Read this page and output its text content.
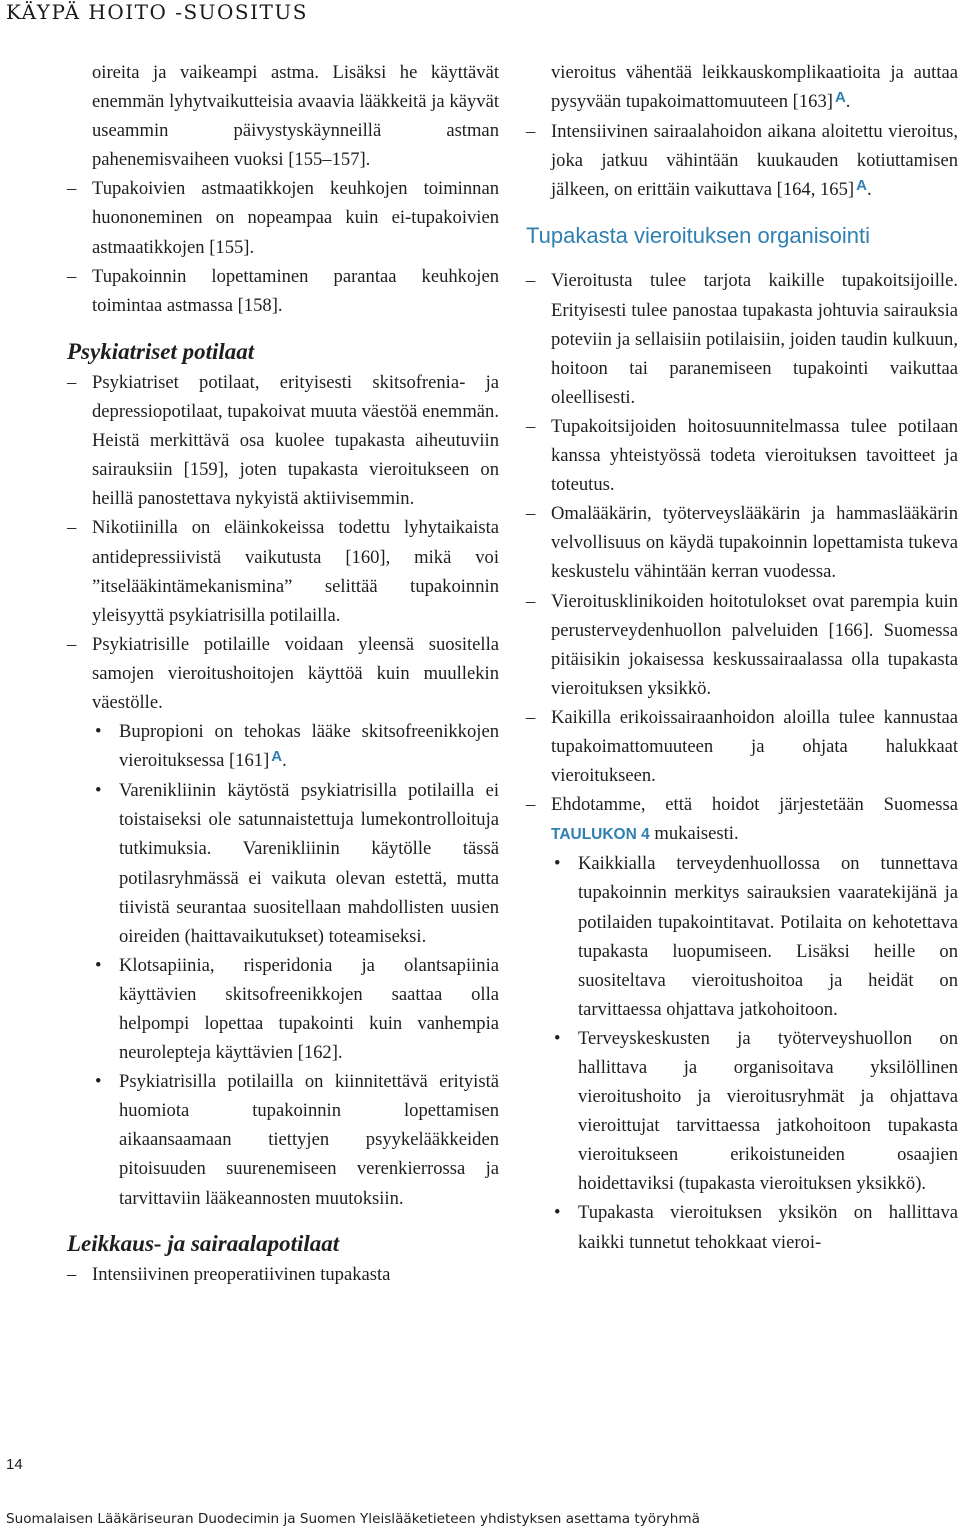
KÄYPÄ HOITO -SUOSITUS
oireita ja vaikeampi astma. Lisäksi he käyttävät enemmän lyhytvaikutteisia avaavia lääkkeitä ja käyvät useammin päivystyskäynneillä astman pahenemisvaiheen vuoksi [155–157].
– Tupakoivien astmaatikkojen keuhkojen toiminnan huononeminen on nopeampaa kuin ei-tupakoivien astmaatikkojen [155].
– Tupakoinnin lopettaminen parantaa keuhkojen toimintaa astmassa [158].
Psykiatriset potilaat
– Psykiatriset potilaat, erityisesti skitsofrenia- ja depressiopotilaat, tupakoivat muuta väestöä enemmän. Heistä merkittävä osa kuolee tupakasta aiheutuviin sairauksiin [159], joten tupakasta vieroitukseen on heillä panostettava nykyistä aktiivisemmin.
– Nikotiinilla on eläinkokeissa todettu lyhytaikaista antidepressiivistä vaikutusta [160], mikä voi ”itselääkintämekanismina” selittää tupakoinnin yleisyyttä psykiatrisilla potilailla.
– Psykiatrisille potilaille voidaan yleensä suositella samojen vieroitushoitojen käyttöä kuin muullekin väestölle.
• Bupropioni on tehokas lääke skitsofreenikkojen vieroituksessa [161] $^A$.
• Varenikliinin käytöstä psykiatrisilla potilailla ei toistaiseksi ole satunnaistettuja lumekontrolloituja tutkimuksia. Varenikliinin käytölle tässä potilasryhmässä ei vaikuta olevan estettä, mutta tiivistä seurantaa suositellaan mahdollisten uusien oireiden (haittavaikutukset) toteamiseksi.
• Klotsapiinia, risperidonia ja olantsapiinia käyttävien skitsofreenikkojen saattaa olla helpompi lopettaa tupakointi kuin vanhempia neurolepteja käyttävien [162].
• Psykiatrisilla potilailla on kiinnitettävä erityistä huomiota tupakoinnin lopettamisen aikaansaamaan tiettyjen psyykelääkkeiden pitoisuuden suurenemiseen verenkierrossa ja tarvittaviin lääkeannosten muutoksiin.
Leikkaus- ja sairaalapotilaat
– Intensiivinen preoperatiivinen tupakasta
vieroitus vähentää leikkauskomplikaatioita ja auttaa pysyvään tupakoimattomuuteen [163] $^A$.
– Intensiivinen sairaalahoidon aikana aloitettu vieroitus, joka jatkuu vähintään kuukauden kotiuttamisen jälkeen, on erittäin vaikuttava [164, 165] $^A$.
Tupakasta vieroituksen organisointi
– Vieroitusta tulee tarjota kaikille tupakoitsijoille. Erityisesti tulee panostaa tupakasta johtuvia sairauksia poteviin ja sellaisiin potilaisiin, joiden taudin kulkuun, hoitoon tai paranemiseen tupakointi vaikuttaa oleellisesti.
– Tupakoitsijoiden hoitosuunnitelmassa tulee potilaan kanssa yhteistyössä todeta vieroituksen tavoitteet ja toteutus.
– Omalääkärin, työterveyslääkärin ja hammaslääkärin velvollisuus on käydä tupakoinnin lopettamista tukeva keskustelu vähintään kerran vuodessa.
– Vieroitusklinikoiden hoitotulokset ovat parempia kuin perusterveydenhuollon palveluiden [166]. Suomessa pitäisikin jokaisessa keskussairaalassa olla tupakasta vieroituksen yksikkö.
– Kaikilla erikoissairaanhoidon aloilla tulee kannustaa tupakoimattomuuteen ja ohjata halukkaat vieroitukseen.
– Ehdotamme, että hoidot järjestetään Suomessa TAULUKON 4 mukaisesti.
• Kaikkialla terveydenhuollossa on tunnettava tupakoinnin merkitys sairauksien vaaratekijänä ja potilaiden tupakointitavat. Potilaita on kehotettava tupakasta luopumiseen. Lisäksi heille on suositeltava vieroitushoitoa ja heidät on tarvittaessa ohjattava jatkohoitoon.
• Terveyskeskusten ja työterveyshuollon on hallittava ja organisoitava yksilöllinen vieroitushoito ja vieroitusryhmät ja ohjattava vieroittujat tarvittaessa jatkohoitoon tupakasta vieroitukseen erikoistuneiden osaajien hoidettaviksi (tupakasta vieroituksen yksikkö).
• Tupakasta vieroituksen yksikön on hallittava kaikki tunnetut tehokkaat vieroi-
14
Suomalaisen Lääkäriseuran Duodecimin ja Suomen Yleislääketieteen yhdistyksen asettama työryhmä
